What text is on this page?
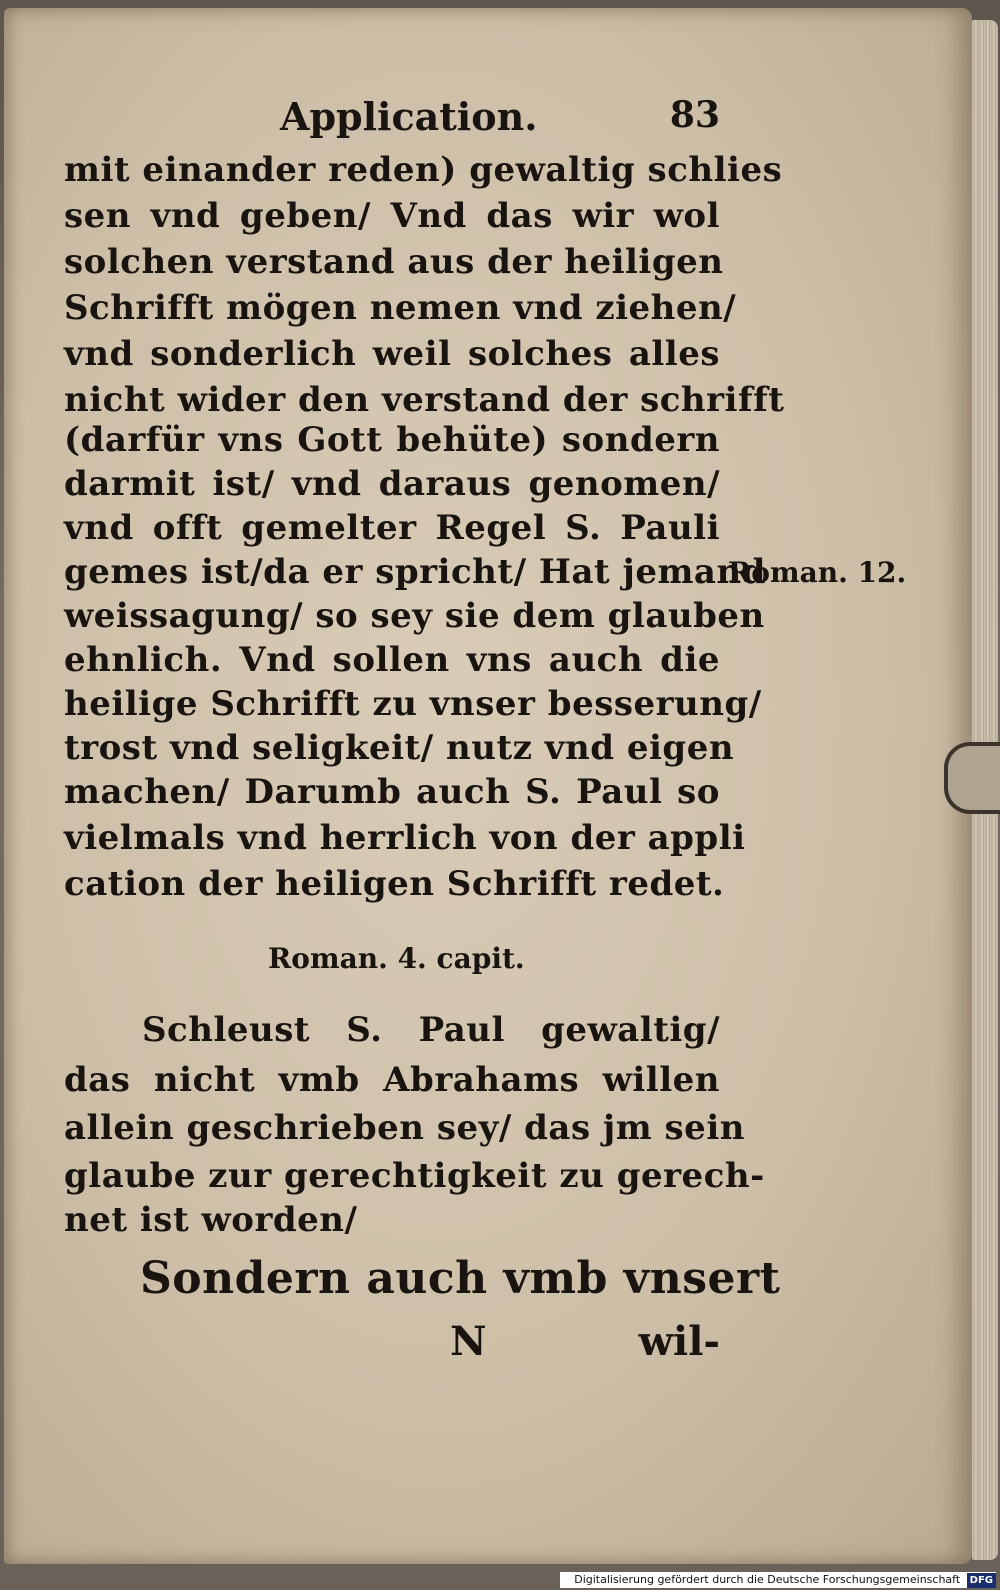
Application.	83

mit einander reden) gewaltig schlies

sen vnd geben/ Vnd das wir wol

solchen verstand aus der heiligen

Schrifft mögen nemen vnd ziehen/

vnd sonderlich weil solches alles

nicht wider den verstand der schrifft

(darfür vns Gott behüte) sondern

darmit ist/ vnd daraus genomen/

vnd offt gemelter Regel S. Pauli

gemes ist/da er spricht/ Hat jemand

weissagung/ so sey sie dem glauben

ehnlich. Vnd sollen vns auch die

heilige Schrifft zu vnser besserung/

trost vnd seligkeit/ nutz vnd eigen

machen/ Darumb auch S. Paul so

vielmals vnd herrlich von der appli

cation der heiligen Schrifft redet.

Roman. 12.
Roman. 4. capit.

Schleust S. Paul gewaltig/

das nicht vmb Abrahams willen

allein geschrieben sey/ das jm sein

glaube zur gerechtigkeit zu gerech-

net ist worden/

Sondern auch vmb vnsert

N	wil-
Digitalisierung gefördert durch die Deutsche Forschungsgemeinschaft DFG
